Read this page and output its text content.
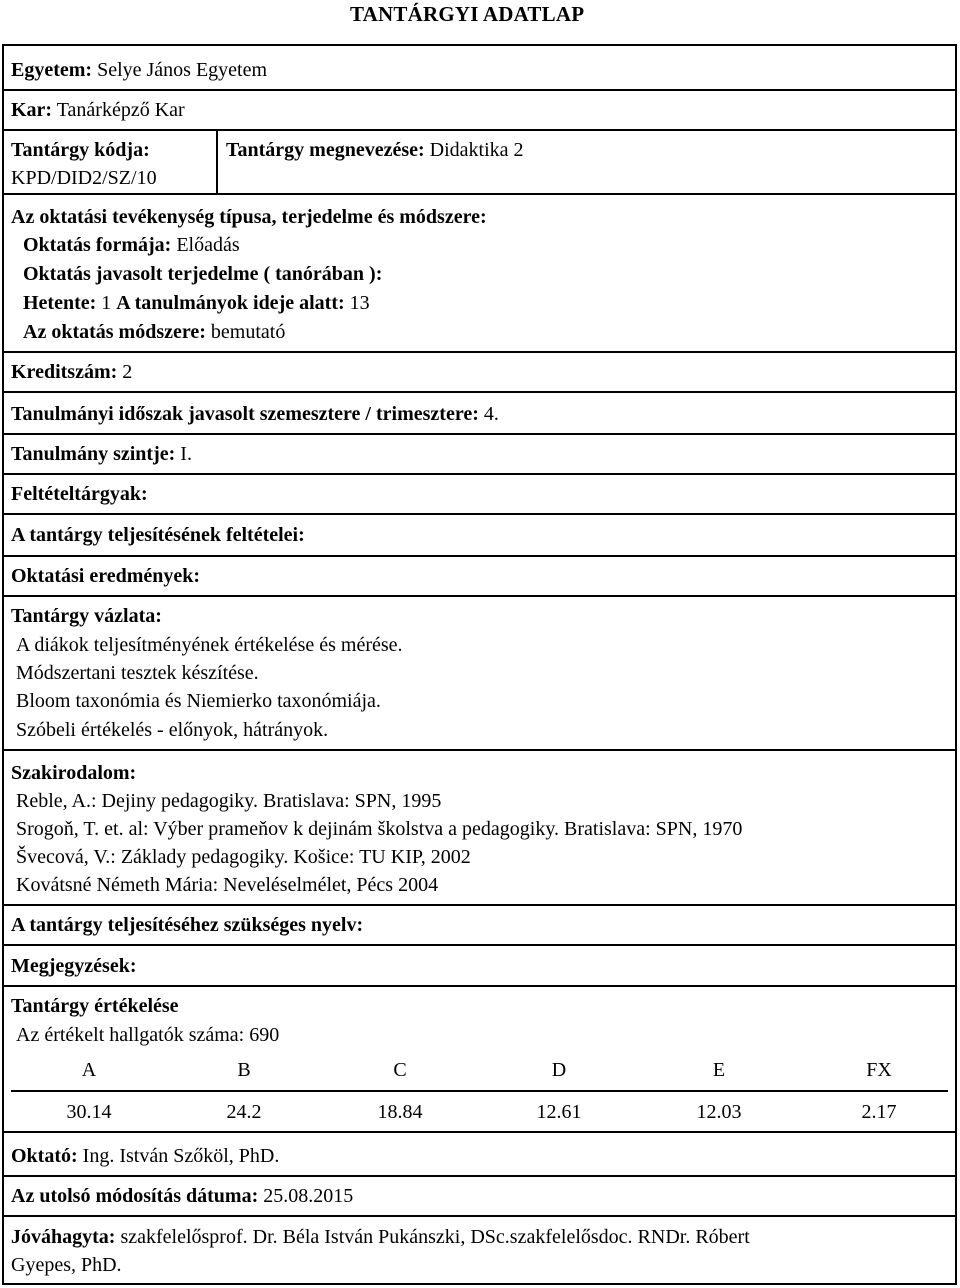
TANTÁRGYI ADATLAP
Egyetem: Selye János Egyetem
Kar: Tanárképző Kar
Tantárgy kódja:
KPD/DID2/SZ/10
Tantárgy megnevezése: Didaktika 2
Az oktatási tevékenység típusa, terjedelme és módszere:
Oktatás formája: Előadás
Oktatás javasolt terjedelme ( tanórában ):
Hetente: 1 A tanulmányok ideje alatt: 13
Az oktatás módszere: bemutató
Kreditszám: 2
Tanulmányi időszak javasolt szemesztere / trimesztere: 4.
Tanulmány szintje: I.
Feltételtárgyak:
A tantárgy teljesítésének feltételei:
Oktatási eredmények:
Tantárgy vázlata:
A diákok teljesítményének értékelése és mérése.
Módszertani tesztek készítése.
Bloom taxonómia és Niemierko taxonómiája.
Szóbeli értékelés - előnyok, hátrányok.
Szakirodalom:
Reble, A.: Dejiny pedagogiky. Bratislava: SPN, 1995
Srogoň, T. et. al: Výber prameňov k dejinám školstva a pedagogiky. Bratislava: SPN, 1970
Švecová, V.: Základy pedagogiky. Košice: TU KIP, 2002
Kovátsné Németh Mária: Neveléselmélet, Pécs 2004
A tantárgy teljesítéséhez szükséges nyelv:
Megjegyzések:
Tantárgy értékelése
Az értékelt hallgatók száma: 690
A	B	C	D	E	FX
30.14	24.2	18.84	12.61	12.03	2.17
Oktató: Ing. István Szőköl, PhD.
Az utolsó módosítás dátuma: 25.08.2015
Jóváhagyta: szakfelelősprof. Dr. Béla István Pukánszki, DSc.szakfelelősdoc. RNDr. Róbert
Gyepes, PhD.
